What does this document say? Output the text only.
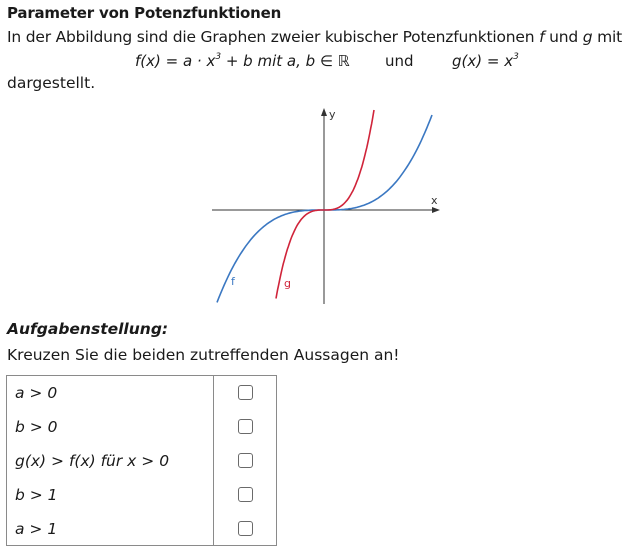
Parameter von Potenzfunktionen
In der Abbildung sind die Graphen zweier kubischer Potenzfunktionen f und g mit
$f(x) = a \cdot x^3 + b$ mit a, b ∈ ℝ und	$g(x) = x^3$
dargestellt.
x
y
f	g
Aufgabenstellung:
Kreuzen Sie die beiden zutreffenden Aussagen an!
a > 0
b > 0
g(x) > f(x) für x > 0
b > 1
a > 1
